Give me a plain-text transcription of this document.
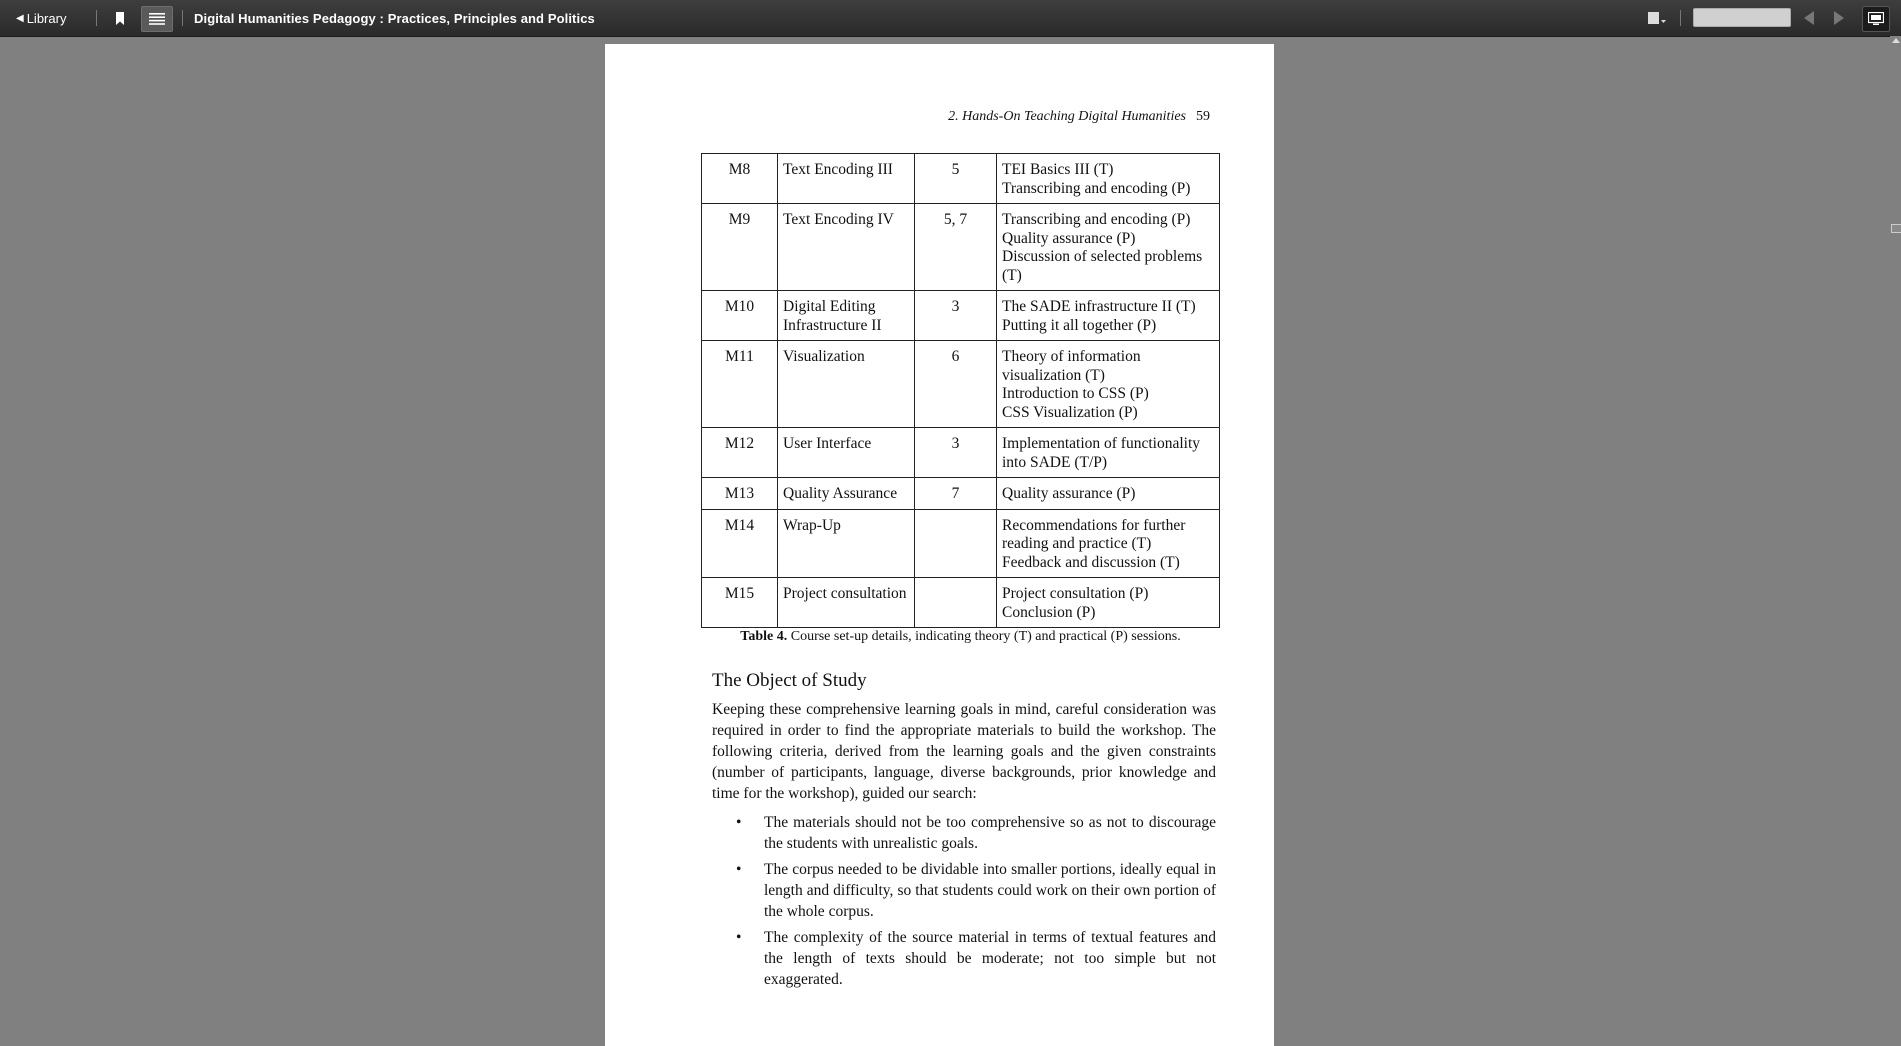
◀ Library	Digital Humanities Pedagogy : Practices, Principles and Politics
2. Hands-On Teaching Digital Humanities 59
M8	Text Encoding III	5	TEI Basics III (T)
Transcribing and encoding (P)

M9	Text Encoding IV	5, 7	Transcribing and encoding (P)
Quality assurance (P)
Discussion of selected problems (T)

M10	Digital Editing Infrastructure II	3	The SADE infrastructure II (T)
Putting it all together (P)

M11	Visualization	6	Theory of information visualization (T)
Introduction to CSS (P)
CSS Visualization (P)

M12	User Interface	3	Implementation of functionality into SADE (T/P)

M13	Quality Assurance	7	Quality assurance (P)

M14	Wrap-Up		Recommendations for further reading and practice (T)
Feedback and discussion (T)

M15	Project consultation		Project consultation (P)
Conclusion (P)
Table 4. Course set-up details, indicating theory (T) and practical (P) sessions.
The Object of Study
Keeping these comprehensive learning goals in mind, careful consideration was required in order to find the appropriate materials to build the workshop. The following criteria, derived from the learning goals and the given constraints (number of participants, language, diverse backgrounds, prior knowledge and time for the workshop), guided our search:
• The materials should not be too comprehensive so as not to discourage the students with unrealistic goals.
• The corpus needed to be dividable into smaller portions, ideally equal in length and difficulty, so that students could work on their own portion of the whole corpus.
• The complexity of the source material in terms of textual features and the length of texts should be moderate; not too simple but not exaggerated.
